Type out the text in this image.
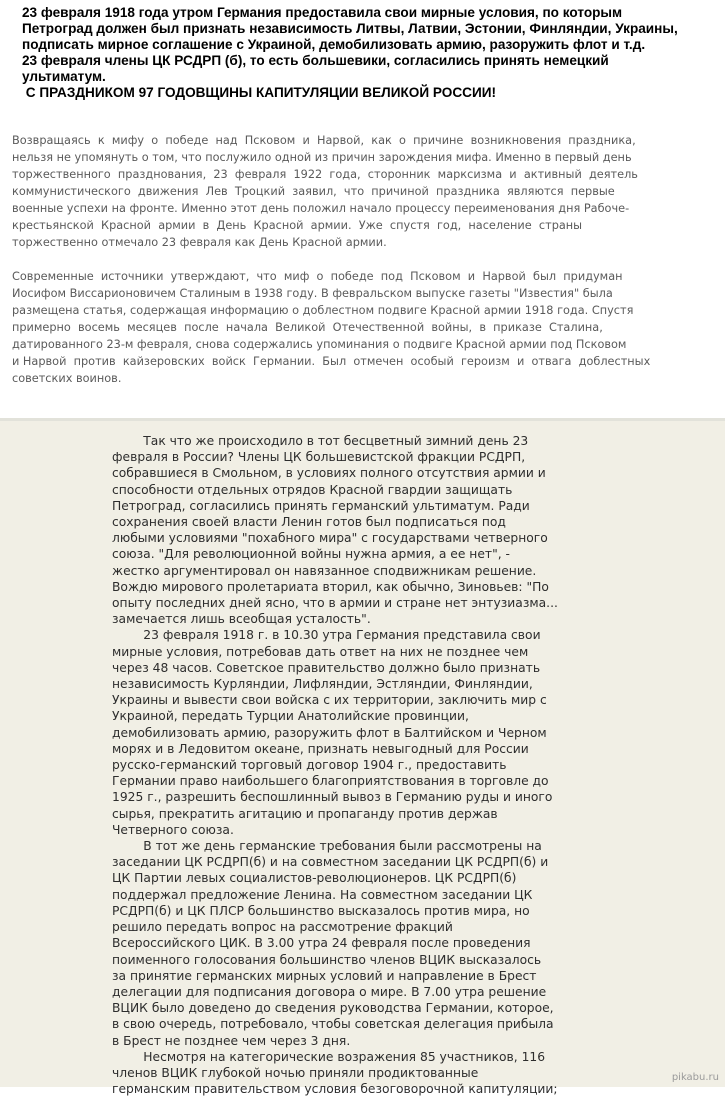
23 февраля 1918 года утром Германия предоставила свои мирные условия, по которым

Петроград должен был признать независимость Литвы, Латвии, Эстонии, Финляндии, Украины,

подписать мирное соглашение с Украиной, демобилизовать армию, разоружить флот и т.д.

23 февраля члены ЦК РСДРП (б), то есть большевики, согласились принять немецкий

ультиматум.

С ПРАЗДНИКОМ 97 ГОДОВЩИНЫ КАПИТУЛЯЦИИ ВЕЛИКОЙ РОССИИ!

Возвращаясь  к  мифу  о  победе  над  Псковом  и  Нарвой,  как  о  причине  возникновения  праздника,

нельзя не упомянуть о том, что послужило одной из причин зарождения мифа. Именно в первый день

торжественного  празднования,  23  февраля  1922  года,  сторонник  марксизма  и  активный  деятель

коммунистического  движения  Лев  Троцкий  заявил,  что  причиной  праздника  являются  первые

военные успехи на фронте. Именно этот день положил начало процессу переименования дня Рабоче-

крестьянской  Красной  армии  в  День  Красной  армии.  Уже  спустя  год,  население  страны

торжественно отмечало 23 февраля как День Красной армии.

Современные  источники  утверждают,  что  миф  о  победе  под  Псковом  и  Нарвой  был  придуман

Иосифом Виссарионовичем Сталиным в 1938 году. В февральском выпуске газеты "Известия" была

размещена статья, содержащая информацию о доблестном подвиге Красной армии 1918 года. Спустя

примерно  восемь  месяцев  после  начала  Великой  Отечественной  войны,  в  приказе  Сталина,

датированного 23-м февраля, снова содержались упоминания о подвиге Красной армии под Псковом

и Нарвой  против  кайзеровских  войск  Германии.  Был  отмечен  особый  героизм  и  отвага  доблестных

советских воинов.

Так что же происходило в тот бесцветный зимний день 23

февраля в России? Члены ЦК большевистской фракции РСДРП,

собравшиеся в Смольном, в условиях полного отсутствия армии и

способности отдельных отрядов Красной гвардии защищать

Петроград, согласились принять германский ультиматум. Ради

сохранения своей власти Ленин готов был подписаться под

любыми условиями "похабного мира" с государствами четверного

союза. "Для революционной войны нужна армия, а ее нет", -

жестко аргументировал он навязанное сподвижникам решение.

Вождю мирового пролетариата вторил, как обычно, Зиновьев: "По

опыту последних дней ясно, что в армии и стране нет энтузиазма...

замечается лишь всеобщая усталость".

23 февраля 1918 г. в 10.30 утра Германия представила свои

мирные условия, потребовав дать ответ на них не позднее чем

через 48 часов. Советское правительство должно было признать

независимость Курляндии, Лифляндии, Эстляндии, Финляндии,

Украины и вывести свои войска с их территории, заключить мир с

Украиной, передать Турции Анатолийские провинции,

демобилизовать армию, разоружить флот в Балтийском и Черном

морях и в Ледовитом океане, признать невыгодный для России

русско-германский торговый договор 1904 г., предоставить

Германии право наибольшего благоприятствования в торговле до

1925 г., разрешить беспошлинный вывоз в Германию руды и иного

сырья, прекратить агитацию и пропаганду против держав

Четверного союза.

В тот же день германские требования были рассмотрены на

заседании ЦК РСДРП(б) и на совместном заседании ЦК РСДРП(б) и

ЦК Партии левых социалистов-революционеров. ЦК РСДРП(б)

поддержал предложение Ленина. На совместном заседании ЦК

РСДРП(б) и ЦК ПЛСР большинство высказалось против мира, но

решило передать вопрос на рассмотрение фракций

Всероссийского ЦИК. В 3.00 утра 24 февраля после проведения

поименного голосования большинство членов ВЦИК высказалось

за принятие германских мирных условий и направление в Брест

делегации для подписания договора о мире. В 7.00 утра решение

ВЦИК было доведено до сведения руководства Германии, которое,

в свою очередь, потребовало, чтобы советская делегация прибыла

в Брест не позднее чем через 3 дня.

Несмотря на категорические возражения 85 участников, 116

членов ВЦИК глубокой ночью приняли продиктованные

германским правительством условия безоговорочной капитуляции;

pikabu.ru
